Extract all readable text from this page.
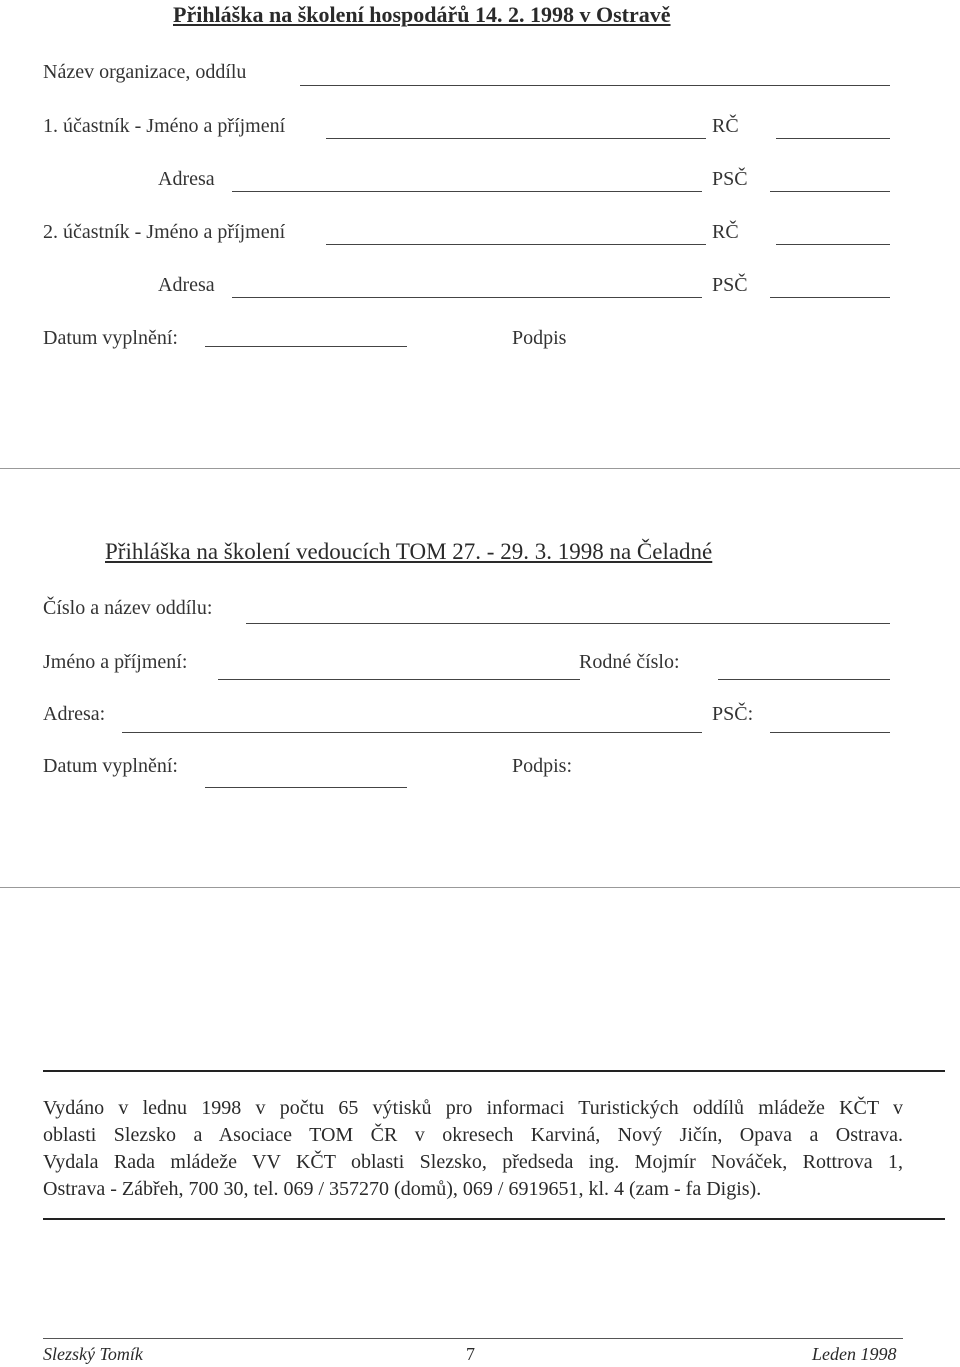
Přihláška na školení hospodářů 14. 2. 1998 v Ostravě
Název organizace, oddílu
1. účastník - Jméno a příjmení	RČ
Adresa	PSČ
2. účastník - Jméno a příjmení	RČ
Adresa	PSČ
Datum vyplnění:	Podpis
Přihláška na školení vedoucích TOM 27. - 29. 3. 1998 na Čeladné
Číslo a název oddílu:
Jméno a příjmení:	Rodné číslo:
Adresa:	PSČ:
Datum vyplnění:	Podpis:
Vydáno v lednu 1998 v počtu 65 výtisků pro informaci Turistických oddílů mládeže KČT v
oblasti Slezsko a Asociace TOM ČR v okresech Karviná, Nový Jičín, Opava a Ostrava.
Vydala Rada mládeže VV KČT oblasti Slezsko, předseda ing. Mojmír Nováček, Rottrova 1,
Ostrava - Zábřeh, 700 30, tel. 069 / 357270 (domů), 069 / 6919651, kl. 4 (zam - fa Digis).
Slezský Tomík	7	Leden 1998
